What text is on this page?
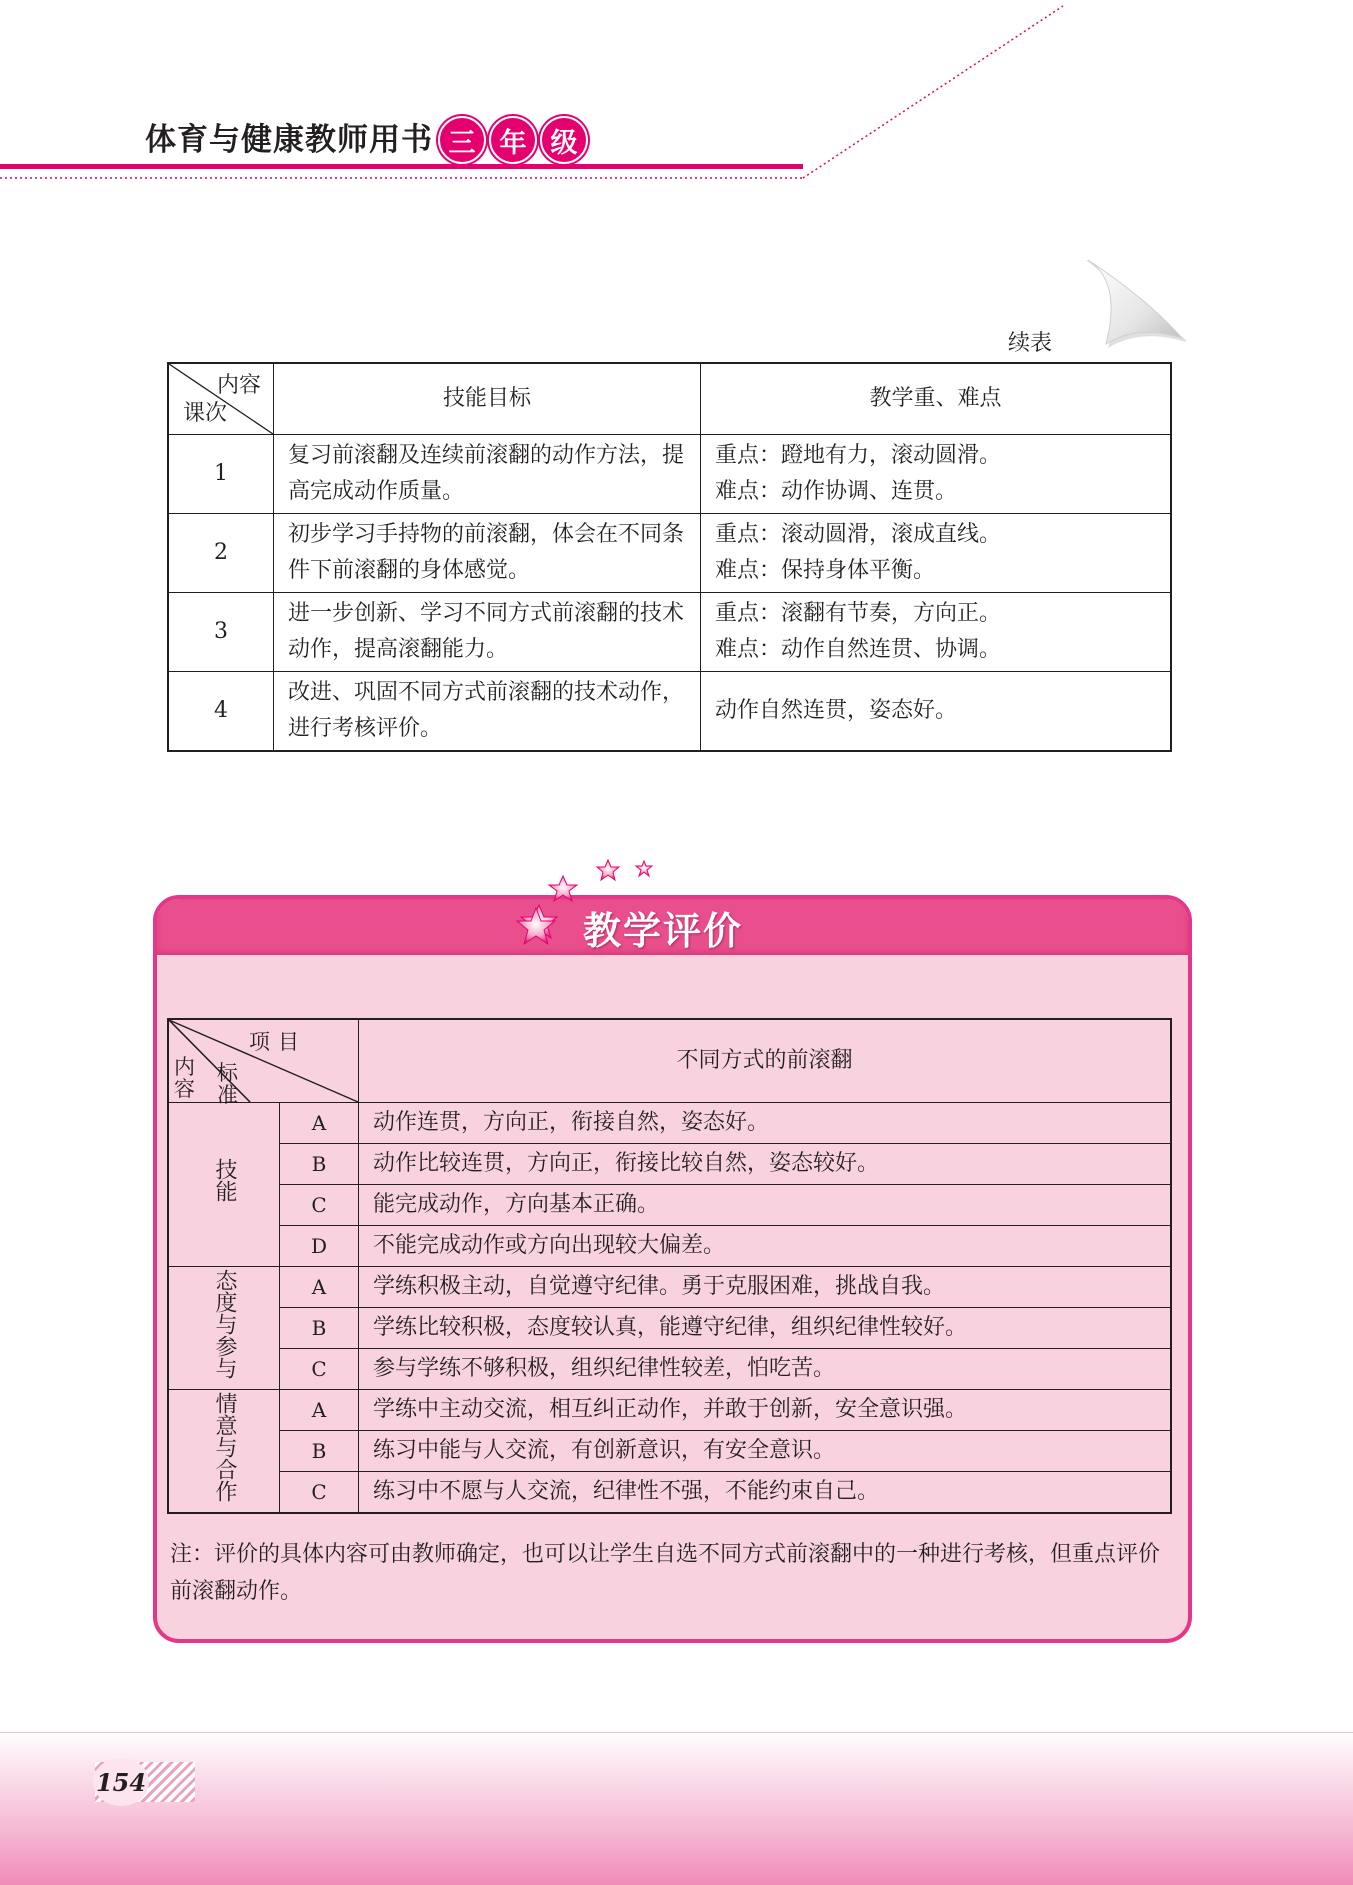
体育与健康教师用书 三 年 级
续表
内容
课次	技能目标	教学重、难点
1	复习前滚翻及连续前滚翻的动作方法，提高完成动作质量。	重点：蹬地有力，滚动圆滑。
难点：动作协调、连贯。

2	初步学习手持物的前滚翻，体会在不同条件下前滚翻的身体感觉。	重点：滚动圆滑，滚成直线。
难点：保持身体平衡。

3	进一步创新、学习不同方式前滚翻的技术动作，提高滚翻能力。	重点：滚翻有节奏，方向正。
难点：动作自然连贯、协调。

4	改进、巩固不同方式前滚翻的技术动作，进行考核评价。	动作自然连贯，姿态好。
教学评价
项目
内容
标准		不同方式的前滚翻
技能	A	动作连贯，方向正，衔接自然，姿态好。
	B	动作比较连贯，方向正，衔接比较自然，姿态较好。
	C	能完成动作，方向基本正确。
	D	不能完成动作或方向出现较大偏差。
态度与参与	A	学练积极主动，自觉遵守纪律。勇于克服困难，挑战自我。
	B	学练比较积极，态度较认真，能遵守纪律，组织纪律性较好。
	C	参与学练不够积极，组织纪律性较差，怕吃苦。
情意与合作	A	学练中主动交流，相互纠正动作，并敢于创新，安全意识强。
	B	练习中能与人交流，有创新意识，有安全意识。
	C	练习中不愿与人交流，纪律性不强，不能约束自己。
注：评价的具体内容可由教师确定，也可以让学生自选不同方式前滚翻中的一种进行考核，但重点评价前滚翻动作。
154
